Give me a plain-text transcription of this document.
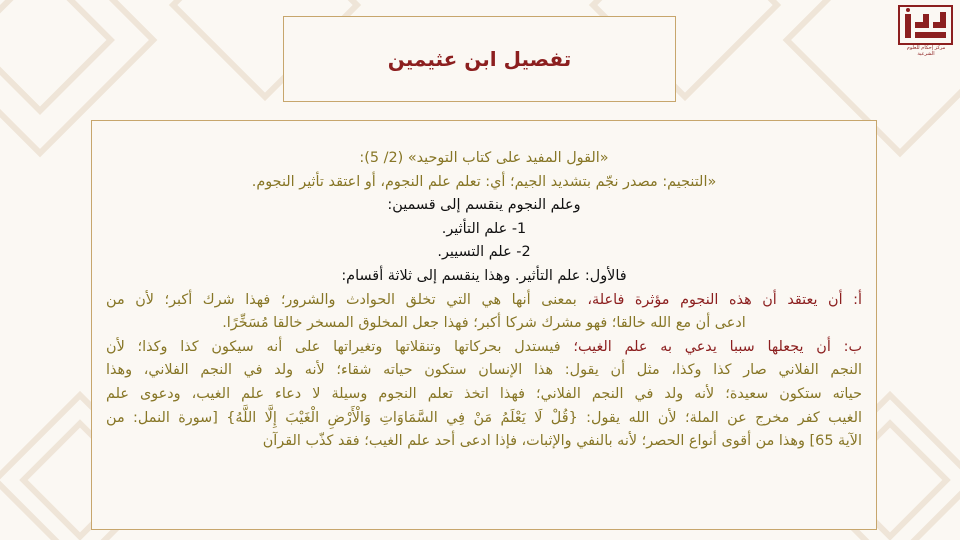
مركز إحكام للعلوم الشرعية
تفصيل ابن عثيمين
«القول المفيد على كتاب التوحيد» (2/ 5):
«التنجيم: مصدر نجّم بتشديد الجيم؛ أي: تعلم علم النجوم، أو اعتقد تأثير النجوم.
وعلم النجوم ينقسم إلى قسمين:
1- علم التأثير.
2- علم التسيير.
فالأول: علم التأثير. وهذا ينقسم إلى ثلاثة أقسام:
أ: أن يعتقد أن هذه النجوم مؤثرة فاعلة، بمعنى أنها هي التي تخلق الحوادث والشرور؛ فهذا شرك أكبر؛ لأن من
ادعى أن مع الله خالقا؛ فهو مشرك شركا أكبر؛ فهذا جعل المخلوق المسخر خالقا مُسَخِّرًا.
ب: أن يجعلها سببا يدعي به علم الغيب؛ فيستدل بحركاتها وتنقلاتها وتغيراتها على أنه سيكون كذا وكذا؛ لأن
النجم الفلاني صار كذا وكذا، مثل أن يقول: هذا الإنسان ستكون حياته شقاء؛ لأنه ولد في النجم الفلاني، وهذا
حياته ستكون سعيدة؛ لأنه ولد في النجم الفلاني؛ فهذا اتخذ تعلم النجوم وسيلة لا دعاء علم الغيب، ودعوى علم
الغيب كفر مخرج عن الملة؛ لأن الله يقول: {قُلْ لَا يَعْلَمُ مَنْ فِي السَّمَاوَاتِ وَالْأَرْضِ الْغَيْبَ إِلَّا اللَّهُ} [سورة النمل: من
الآية 65] وهذا من أقوى أنواع الحصر؛ لأنه بالنفي والإثبات، فإذا ادعى أحد علم الغيب؛ فقد كذّب القرآن
